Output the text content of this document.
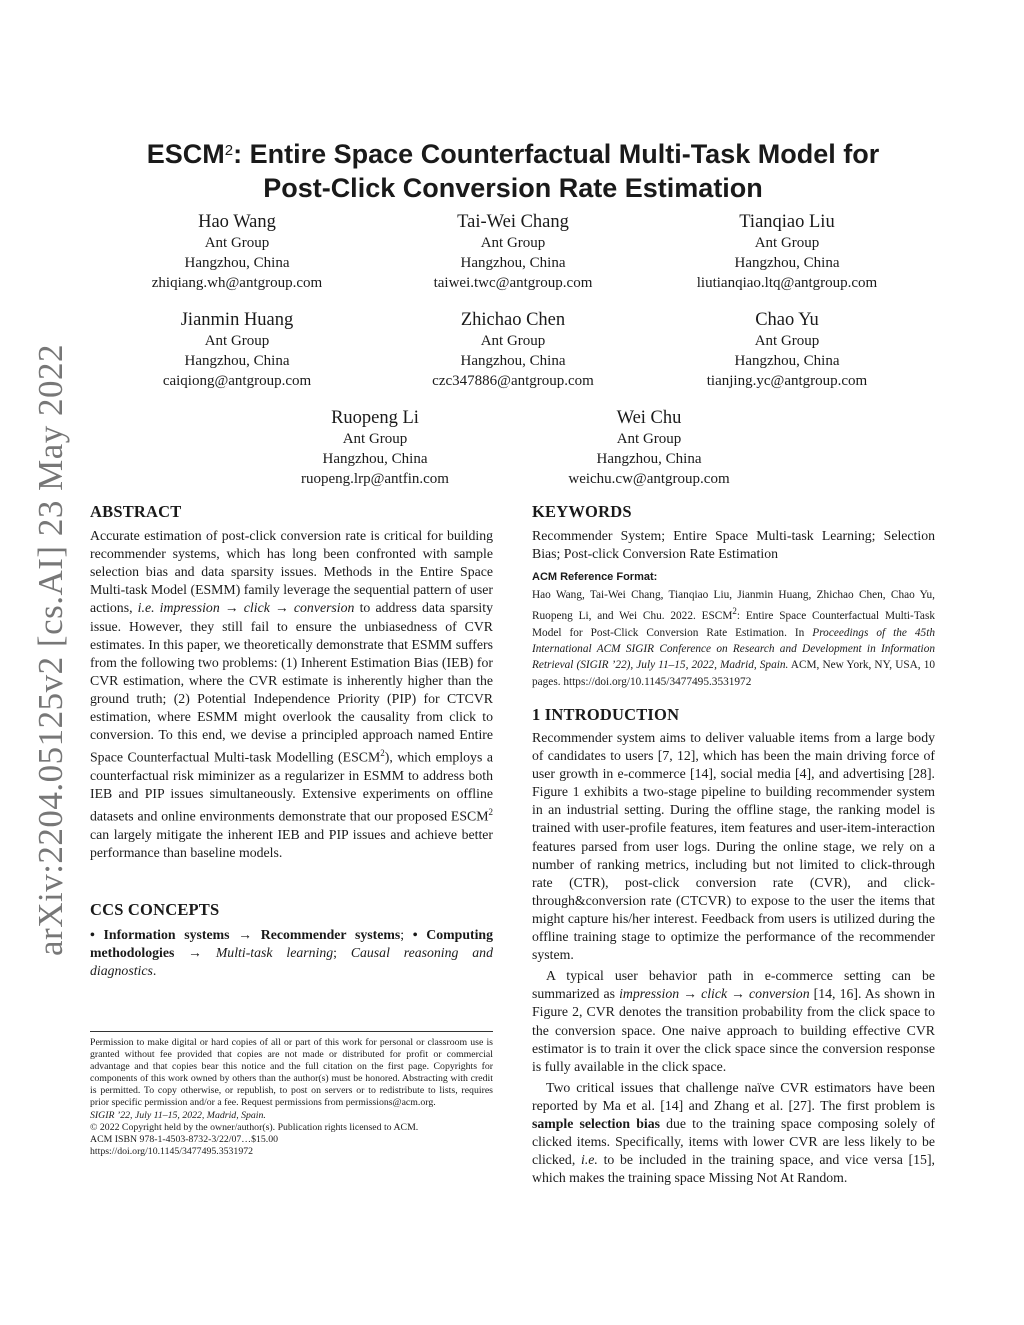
arXiv:2204.05125v2 [cs.AI] 23 May 2022
ESCM$^2$: Entire Space Counterfactual Multi-Task Model for
Post-Click Conversion Rate Estimation
Hao Wang
Ant Group
Hangzhou, China
zhiqiang.wh@antgroup.com
Tai-Wei Chang
Ant Group
Hangzhou, China
taiwei.twc@antgroup.com
Tianqiao Liu
Ant Group
Hangzhou, China
liutianqiao.ltq@antgroup.com
Jianmin Huang
Ant Group
Hangzhou, China
caiqiong@antgroup.com
Zhichao Chen
Ant Group
Hangzhou, China
czc347886@antgroup.com
Chao Yu
Ant Group
Hangzhou, China
tianjing.yc@antgroup.com
Ruopeng Li
Ant Group
Hangzhou, China
ruopeng.lrp@antfin.com
Wei Chu
Ant Group
Hangzhou, China
weichu.cw@antgroup.com
ABSTRACT

Accurate estimation of post-click conversion rate is critical for building recommender systems, which has long been confronted with sample selection bias and data sparsity issues. Methods in the Entire Space Multi-task Model (ESMM) family leverage the sequential pattern of user actions, i.e. impression → click → conversion to address data sparsity issue. However, they still fail to ensure the unbiasedness of CVR estimates. In this paper, we theoretically demonstrate that ESMM suffers from the following two problems: (1) Inherent Estimation Bias (IEB) for CVR estimation, where the CVR estimate is inherently higher than the ground truth; (2) Potential Independence Priority (PIP) for CTCVR estimation, where ESMM might overlook the causality from click to conversion. To this end, we devise a principled approach named Entire Space Counterfactual Multi-task Modelling (ESCM$^2$), which employs a counterfactual risk miminizer as a regularizer in ESMM to address both IEB and PIP issues simultaneously. Extensive experiments on offline datasets and online environments demonstrate that our proposed ESCM$^2$ can largely mitigate the inherent IEB and PIP issues and achieve better performance than baseline models.

CCS CONCEPTS

• Information systems → Recommender systems; • Computing methodologies → Multi-task learning; Causal reasoning and diagnostics.

Permission to make digital or hard copies of all or part of this work for personal or classroom use is granted without fee provided that copies are not made or distributed for profit or commercial advantage and that copies bear this notice and the full citation on the first page. Copyrights for components of this work owned by others than the author(s) must be honored. Abstracting with credit is permitted. To copy otherwise, or republish, to post on servers or to redistribute to lists, requires prior specific permission and/or a fee. Request permissions from permissions@acm.org.

SIGIR ’22, July 11–15, 2022, Madrid, Spain.

© 2022 Copyright held by the owner/author(s). Publication rights licensed to ACM.

ACM ISBN 978-1-4503-8732-3/22/07…$15.00

https://doi.org/10.1145/3477495.3531972

KEYWORDS

Recommender System; Entire Space Multi-task Learning; Selection Bias; Post-click Conversion Rate Estimation

ACM Reference Format:

Hao Wang, Tai-Wei Chang, Tianqiao Liu, Jianmin Huang, Zhichao Chen, Chao Yu, Ruopeng Li, and Wei Chu. 2022. ESCM$^2$: Entire Space Counterfactual Multi-Task Model for Post-Click Conversion Rate Estimation. In Proceedings of the 45th International ACM SIGIR Conference on Research and Development in Information Retrieval (SIGIR ’22), July 11–15, 2022, Madrid, Spain. ACM, New York, NY, USA, 10 pages. https://doi.org/10.1145/3477495.3531972

1 INTRODUCTION

Recommender system aims to deliver valuable items from a large body of candidates to users [7, 12], which has been the main driving force of user growth in e-commerce [14], social media [4], and advertising [28]. Figure 1 exhibits a two-stage pipeline to building recommender system in an industrial setting. During the offline stage, the ranking model is trained with user-profile features, item features and user-item-interaction features parsed from user logs. During the online stage, we rely on a number of ranking metrics, including but not limited to click-through rate (CTR), post-click conversion rate (CVR), and click-through&conversion rate (CTCVR) to expose to the user the items that might capture his/her interest. Feedback from users is utilized during the offline training stage to optimize the performance of the recommender system.

A typical user behavior path in e-commerce setting can be summarized as impression → click → conversion [14, 16]. As shown in Figure 2, CVR denotes the transition probability from the click space to the conversion space. One naive approach to building effective CVR estimator is to train it over the click space since the conversion response is fully available in the click space.

Two critical issues that challenge naïve CVR estimators have been reported by Ma et al. [14] and Zhang et al. [27]. The first problem is sample selection bias due to the training space composing solely of clicked items. Specifically, items with lower CVR are less likely to be clicked, i.e. to be included in the training space, and vice versa [15], which makes the training space Missing Not At Random.
